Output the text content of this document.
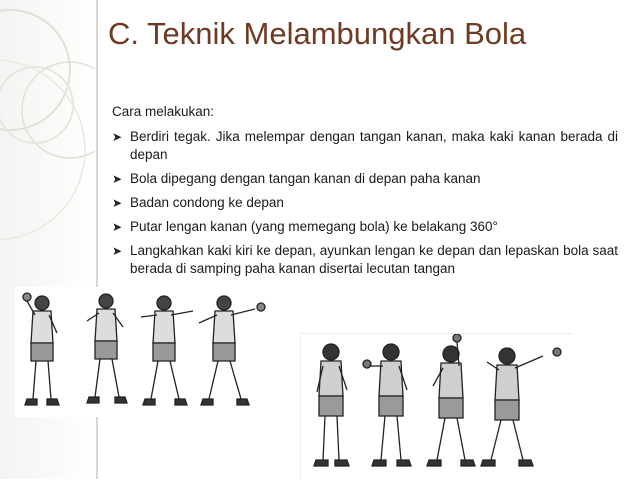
C. Teknik Melambungkan Bola
Cara melakukan:
➤ Berdiri tegak. Jika melempar dengan tangan kanan, maka kaki kanan berada di depan
➤ Bola dipegang dengan tangan kanan di depan paha kanan
➤ Badan condong ke depan
➤ Putar lengan kanan (yang memegang bola) ke belakang 360°
➤ Langkahkan kaki kiri ke depan, ayunkan lengan ke depan dan lepaskan bola saat berada di samping paha kanan disertai lecutan tangan
